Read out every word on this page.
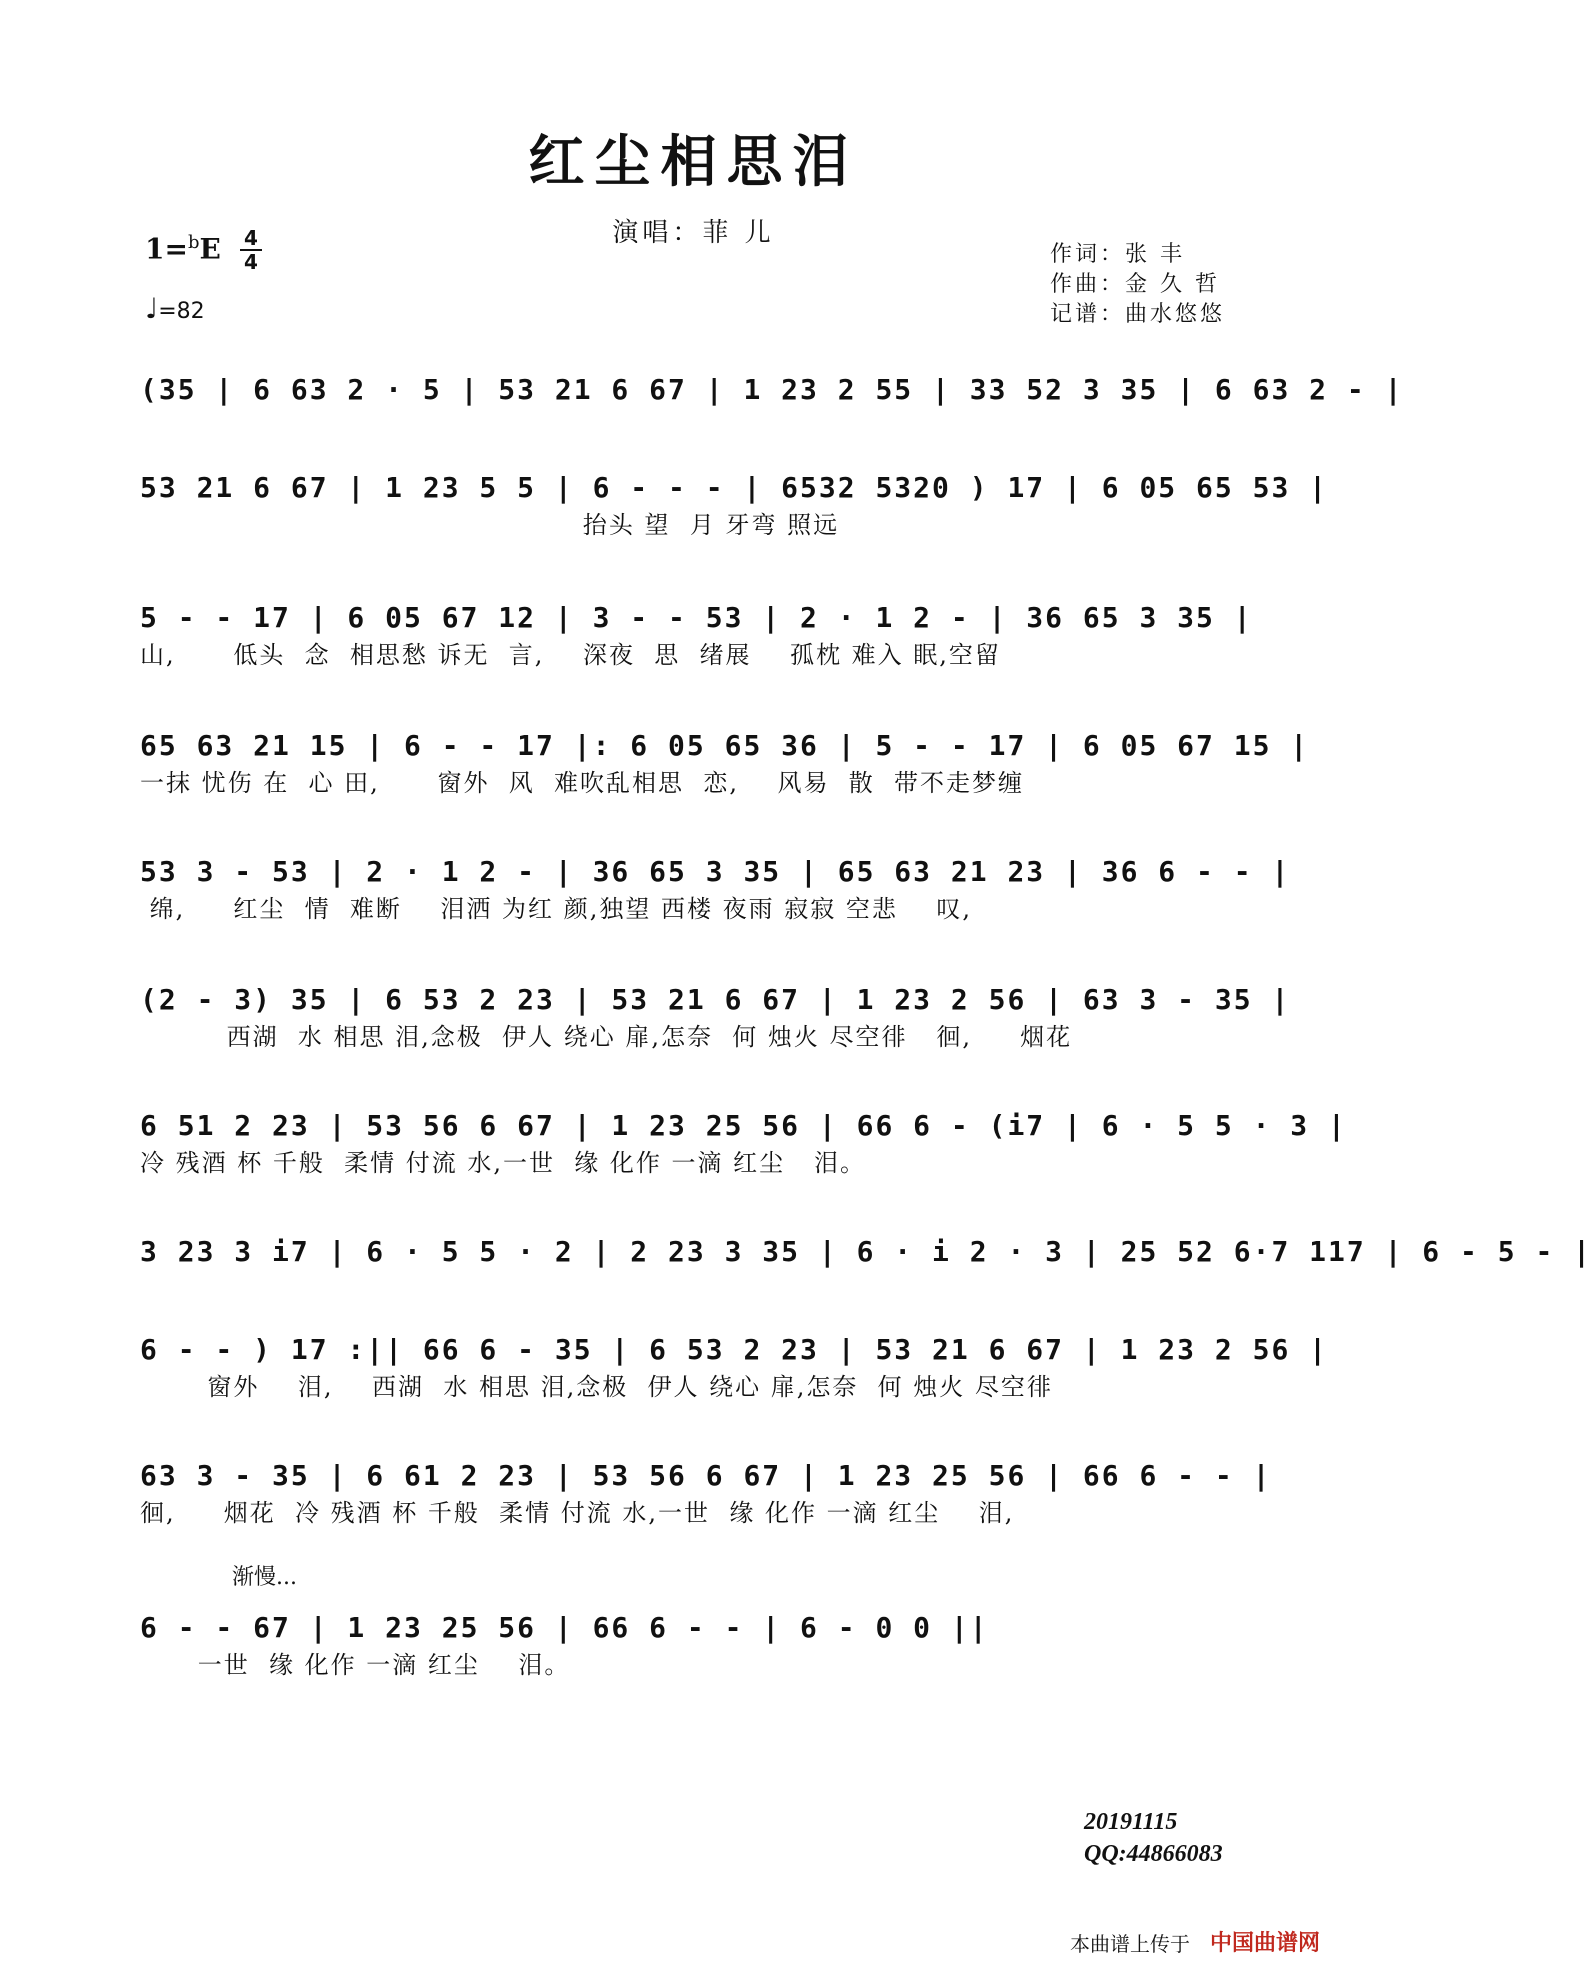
红尘相思泪
演唱：菲 儿
1=$^b$E 4
4
♩=82
作词：张 丰
作曲：金 久 哲
记谱：曲水悠悠
(35 | 6 63 2 · 5 | 53 21 6 67 | 1 23 2 55 | 33 52 3 35 | 6 63 2 - |
53 21 6 67 | 1 23 5 5 | 6 - - - | 6532 5320 ) 17 | 6 05 65 53 |
抬头 望  月 牙弯 照远
5 - - 17 | 6 05 67 12 | 3 - - 53 | 2 · 1 2 - | 36 65 3 35 |
山,      低头  念  相思愁 诉无  言,    深夜  思  绪展    孤枕 难入 眠,空留
65 63 21 15 | 6 - - 17 |: 6 05 65 36 | 5 - - 17 | 6 05 67 15 |
一抹 忧伤 在  心 田,      窗外  风  难吹乱相思  恋,    风易  散  带不走梦缠
53 3 - 53 | 2 · 1 2 - | 36 65 3 35 | 65 63 21 23 | 36 6 - - |
绵,     红尘  情  难断    泪洒 为红 颜,独望 西楼 夜雨 寂寂 空悲    叹,
(2 - 3) 35 | 6 53 2 23 | 53 21 6 67 | 1 23 2 56 | 63 3 - 35 |
西湖  水 相思 泪,念极  伊人 绕心 扉,怎奈  何 烛火 尽空徘   徊,     烟花
6 51 2 23 | 53 56 6 67 | 1 23 25 56 | 66 6 - (i7 | 6 · 5 5 · 3 |
冷 残酒 杯 千般  柔情 付流 水,一世  缘 化作 一滴 红尘   泪。
3 23 3 i7 | 6 · 5 5 · 2 | 2 23 3 35 | 6 · i 2 · 3 | 25 52 6·7 117 | 6 - 5 - |
6 - - ) 17 :|| 66 6 - 35 | 6 53 2 23 | 53 21 6 67 | 1 23 2 56 |
窗外    泪,    西湖  水 相思 泪,念极  伊人 绕心 扉,怎奈  何 烛火 尽空徘
63 3 - 35 | 6 61 2 23 | 53 56 6 67 | 1 23 25 56 | 66 6 - - |
徊,     烟花  冷 残酒 杯 千般  柔情 付流 水,一世  缘 化作 一滴 红尘    泪,
渐慢...
6 - - 67 | 1 23 25 56 | 66 6 - - | 6 - 0 0 ||
一世  缘 化作 一滴 红尘    泪。
20191115
QQ:44866083
本曲谱上传于 中国曲谱网
